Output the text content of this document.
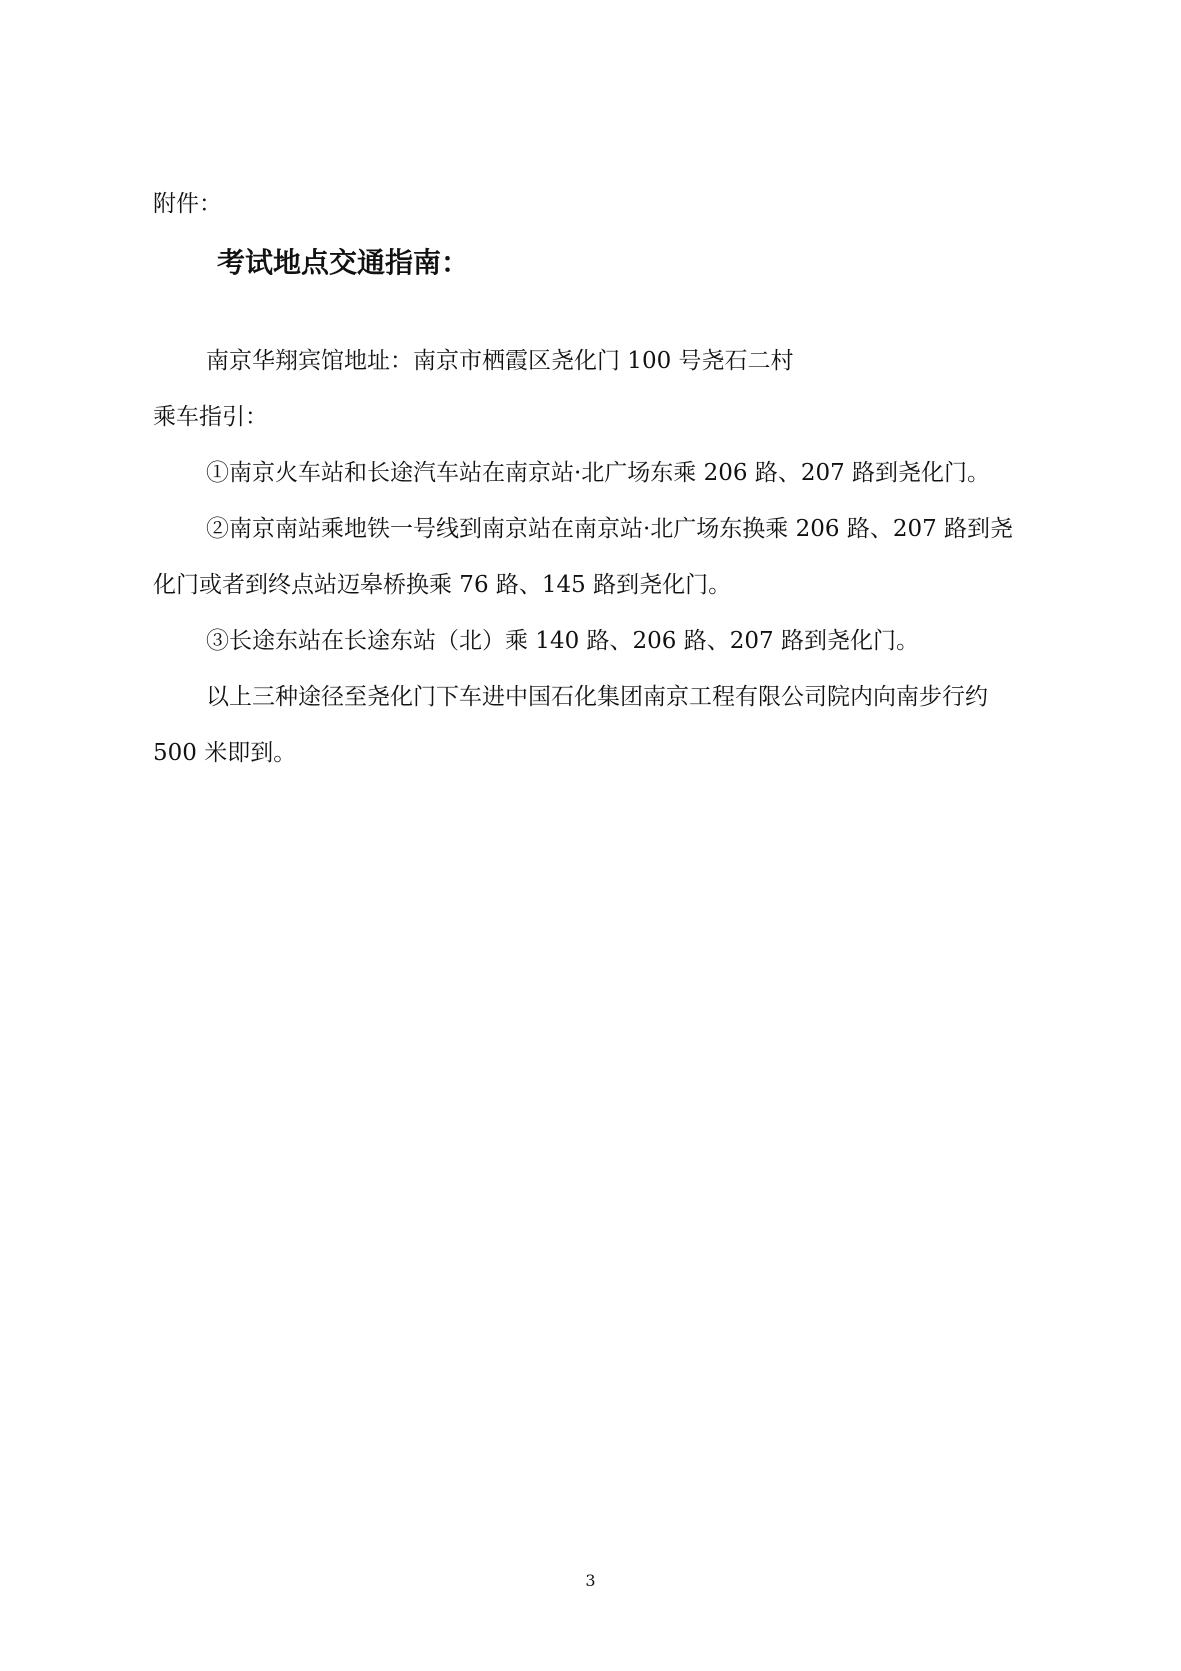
附件：
考试地点交通指南：

南京华翔宾馆地址：南京市栖霞区尧化门 100 号尧石二村

乘车指引：

①南京火车站和长途汽车站在南京站·北广场东乘 206 路、207 路到尧化门。

②南京南站乘地铁一号线到南京站在南京站·北广场东换乘 206 路、207 路到尧化门或者到终点站迈皋桥换乘 76 路、145 路到尧化门。

③长途东站在长途东站（北）乘 140 路、206 路、207 路到尧化门。

以上三种途径至尧化门下车进中国石化集团南京工程有限公司院内向南步行约 500 米即到。

3
